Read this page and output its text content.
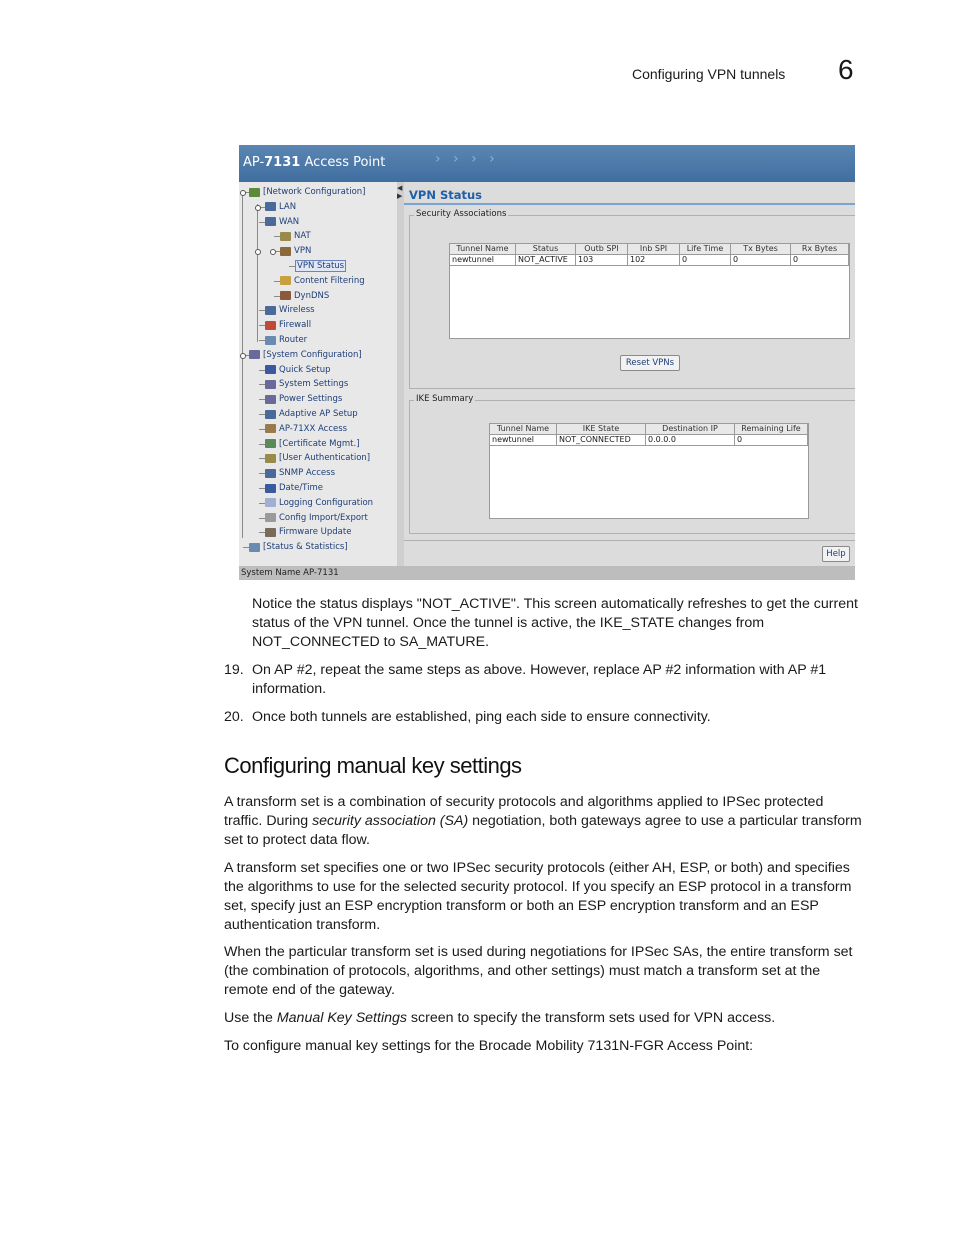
Configuring VPN tunnels 6
AP-7131 Access Point	› › › ›
[Network Configuration]
LAN
WAN
NAT
VPN
VPN Status
Content Filtering
DynDNS
Wireless
Firewall
Router
[System Configuration]
Quick Setup
System Settings
Power Settings
Adaptive AP Setup
AP-71XX Access
[Certificate Mgmt.]
[User Authentication]
SNMP Access
Date/Time
Logging Configuration
Config Import/Export
Firmware Update
[Status & Statistics]
◀
▶ VPN Status
Security Associations
Tunnel Name	Status	Outb SPI	Inb SPI	Life Time	Tx Bytes	Rx Bytes
newtunnel	NOT_ACTIVE	103	102	0	0	0
Reset VPNs
IKE Summary
Tunnel Name	IKE State	Destination IP	Remaining Life
newtunnel	NOT_CONNECTED	0.0.0.0	0
Help
System Name AP-7131
Notice the status displays "NOT_ACTIVE". This screen automatically refreshes to get the current status of the VPN tunnel. Once the tunnel is active, the IKE_STATE changes from NOT_CONNECTED to SA_MATURE.
19. On AP #2, repeat the same steps as above. However, replace AP #2 information with AP #1 information.
20. Once both tunnels are established, ping each side to ensure connectivity.
Configuring manual key settings
A transform set is a combination of security protocols and algorithms applied to IPSec protected traffic. During security association (SA) negotiation, both gateways agree to use a particular transform set to protect data flow.
A transform set specifies one or two IPSec security protocols (either AH, ESP, or both) and specifies the algorithms to use for the selected security protocol. If you specify an ESP protocol in a transform set, specify just an ESP encryption transform or both an ESP encryption transform and an ESP authentication transform.
When the particular transform set is used during negotiations for IPSec SAs, the entire transform set (the combination of protocols, algorithms, and other settings) must match a transform set at the remote end of the gateway.
Use the Manual Key Settings screen to specify the transform sets used for VPN access.
To configure manual key settings for the Brocade Mobility 7131N-FGR Access Point:
